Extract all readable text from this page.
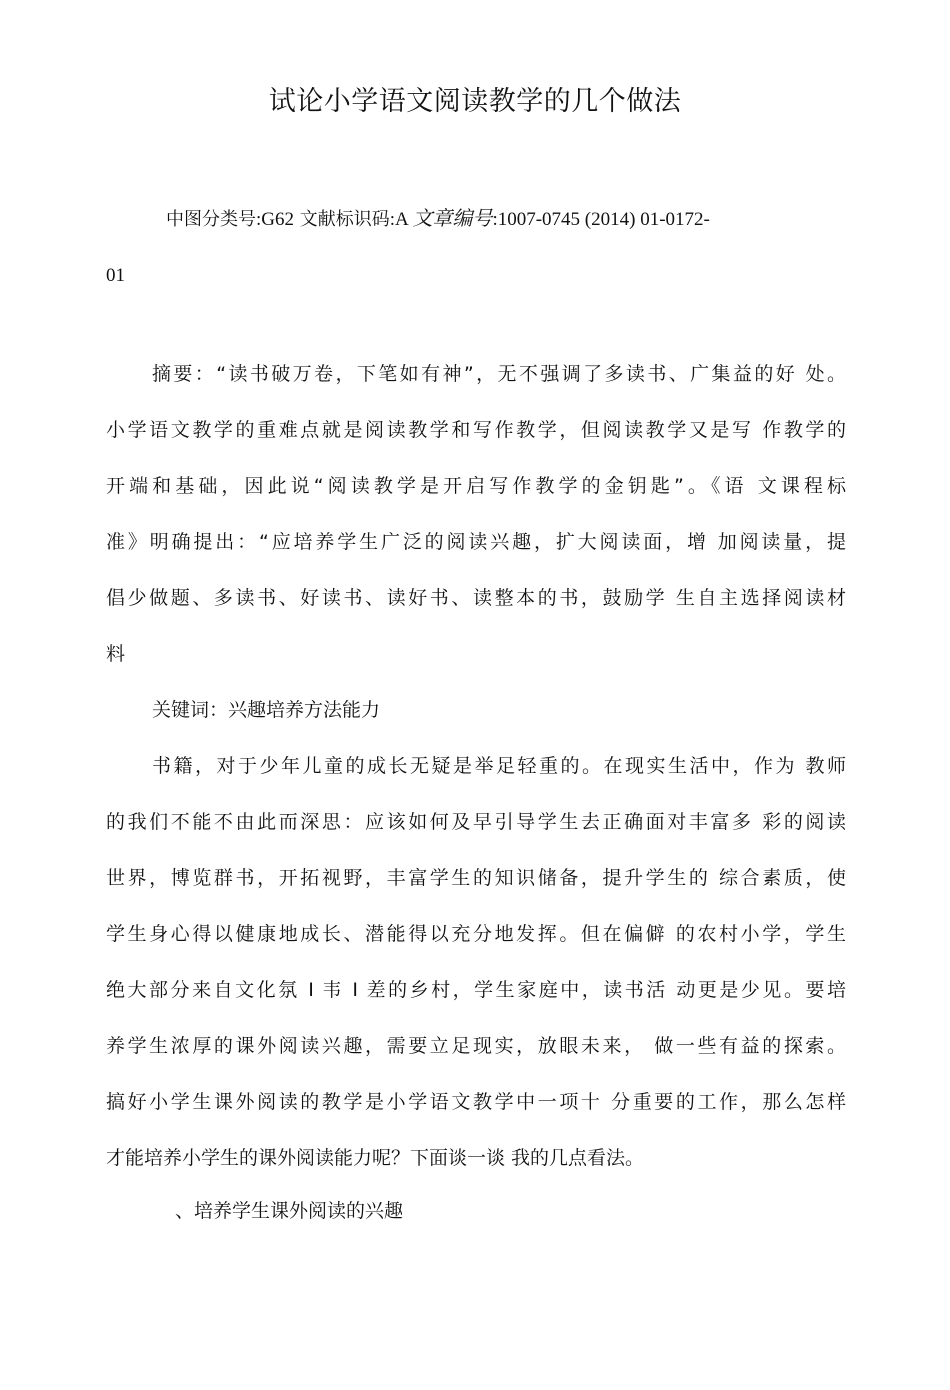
试论小学语文阅读教学的几个做法
中图分类号:G62 文献标识码:A 文章编号:1007-0745 (2014) 01-0172-
01
摘要：“读书破万卷，下笔如有神”，无不强调了多读书、广集益的好 处。
小学语文教学的重难点就是阅读教学和写作教学，但阅读教学又是写 作教学的
开端和基础，因此说“阅读教学是开启写作教学的金钥匙”。《语 文课程标
准》明确提出：“应培养学生广泛的阅读兴趣，扩大阅读面，增 加阅读量，提
倡少做题、多读书、好读书、读好书、读整本的书，鼓励学 生自主选择阅读材
料
关键词：兴趣培养方法能力
书籍，对于少年儿童的成长无疑是举足轻重的。在现实生活中，作为 教师
的我们不能不由此而深思：应该如何及早引导学生去正确面对丰富多 彩的阅读
世界，博览群书，开拓视野，丰富学生的知识储备，提升学生的 综合素质，使
学生身心得以健康地成长、潜能得以充分地发挥。但在偏僻 的农村小学，学生
绝大部分来自文化氛 I 韦 I 差的乡村，学生家庭中，读书活 动更是少见。要培
养学生浓厚的课外阅读兴趣，需要立足现实，放眼未来， 做一些有益的探索。
搞好小学生课外阅读的教学是小学语文教学中一项十 分重要的工作，那么怎样
才能培养小学生的课外阅读能力呢？下面谈一谈 我的几点看法。
、培养学生课外阅读的兴趣
